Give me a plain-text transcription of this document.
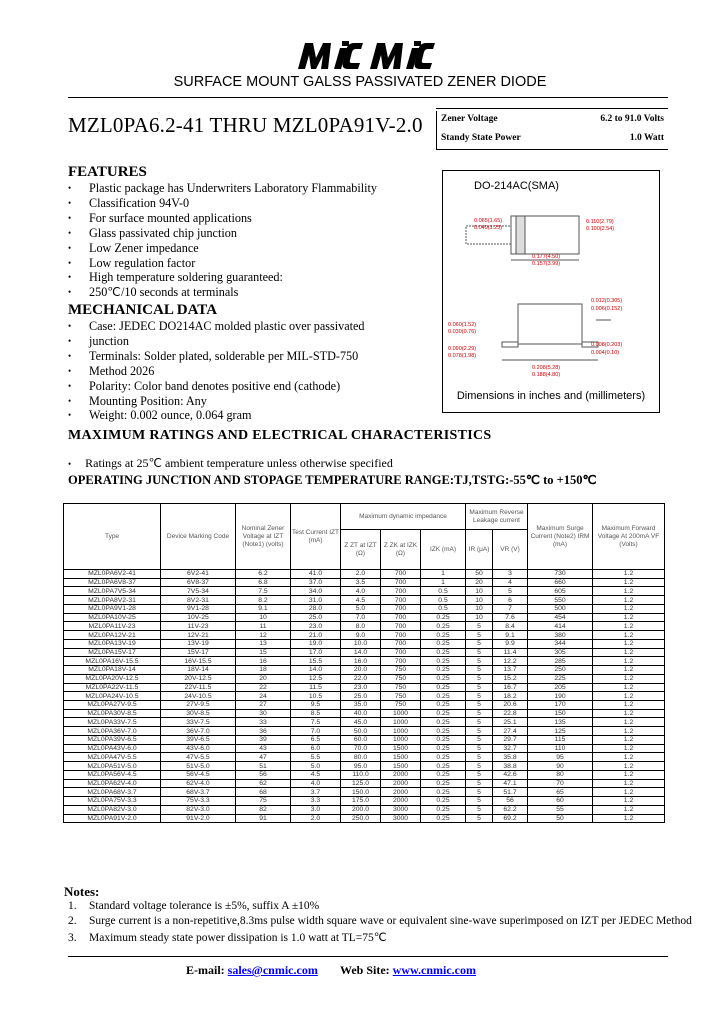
SURFACE MOUNT GALSS PASSIVATED ZENER DIODE
MZL0PA6.2-41 THRU MZL0PA91V-2.0 Zener Voltage	6.2 to 91.0 Volts
Standy State Power	1.0 Watt
FEATURES
• Plastic package has Underwriters Laboratory Flammability
• Classification 94V-0
• For surface mounted applications
• Glass passivated chip junction
• Low Zener impedance
• Low regulation factor
• High temperature soldering guaranteed:
• 250℃/10 seconds at terminals
MECHANICAL DATA
• Case: JEDEC DO214AC molded plastic over passivated
• junction
• Terminals: Solder plated, solderable per MIL-STD-750
• Method 2026
• Polarity: Color band denotes positive end (cathode)
• Mounting Position: Any
• Weight: 0.002 ounce, 0.064 gram
DO-214AC(SMA)
0.065(1.65)
0.049(1.25)
0.110(2.79)
0.100(2.54)
0.177(4.50)
0.157(3.99)
0.012(0.305)
0.006(0.152)
0.060(1.52)
0.030(0.76)
0.090(2.29)
0.078(1.98)
0.008(0.203)
0.004(0.10)
0.208(5.28)
0.188(4.80)
Dimensions in inches and (millimeters)
MAXIMUM RATINGS AND ELECTRICAL CHARACTERISTICS
• Ratings at 25℃ ambient temperature unless otherwise specified
OPERATING JUNCTION AND STOPAGE TEMPERATURE RANGE:TJ,TSTG:-55℃ to +150℃
Type	Device Marking Code	Nominal Zener Voltage at IZT (Note1) (volts)	Test Current IZT (mA)	Maximum dynamic impedance			Maximum Reverse Leakage current		Maximum Surge Current (Note2) IRM (mA)	Maximum Forward Voltage At 200mA VF (Volts)
				Z ZT at IZT (Ω)	Z ZK at IZK (Ω)	IZK (mA)	IR (μA)	VR (V)		
MZL0PA6V2-41	6V2-41	6.2	41.0	2.0	700	1	50	3	730	1.2
MZL0PA6V8-37	6V8-37	6.8	37.0	3.5	700	1	20	4	660	1.2
MZL0PA7V5-34	7V5-34	7.5	34.0	4.0	700	0.5	10	5	605	1.2
MZL0PA8V2-31	8V2-31	8.2	31.0	4.5	700	0.5	10	6	550	1.2
MZL0PA9V1-28	9V1-28	9.1	28.0	5.0	700	0.5	10	7	500	1.2
MZL0PA10V-25	10V-25	10	25.0	7.0	700	0.25	10	7.6	454	1.2
MZL0PA11V-23	11V-23	11	23.0	8.0	700	0.25	5	8.4	414	1.2
MZL0PA12V-21	12V-21	12	21.0	9.0	700	0.25	5	9.1	380	1.2
MZL0PA13V-19	13V-19	13	19.0	10.0	700	0.25	5	9.9	344	1.2
MZL0PA15V-17	15V-17	15	17.0	14.0	700	0.25	5	11.4	305	1.2
MZL0PA16V-15.5	16V-15.5	16	15.5	16.0	700	0.25	5	12.2	285	1.2
MZL0PA18V-14	18V-14	18	14.0	20.0	750	0.25	5	13.7	250	1.2
MZL0PA20V-12.5	20V-12.5	20	12.5	22.0	750	0.25	5	15.2	225	1.2
MZL0PA22V-11.5	22V-11.5	22	11.5	23.0	750	0.25	5	16.7	205	1.2
MZL0PA24V-10.5	24V-10.5	24	10.5	25.0	750	0.25	5	18.2	190	1.2
MZL0PA27V-9.5	27V-9.5	27	9.5	35.0	750	0.25	5	20.6	170	1.2
MZL0PA30V-8.5	30V-8.5	30	8.5	40.0	1000	0.25	5	22.8	150	1.2
MZL0PA33V-7.5	33V-7.5	33	7.5	45.0	1000	0.25	5	25.1	135	1.2
MZL0PA36V-7.0	36V-7.0	36	7.0	50.0	1000	0.25	5	27.4	125	1.2
MZL0PA39V-6.5	39V-6.5	39	6.5	60.0	1000	0.25	5	29.7	115	1.2
MZL0PA43V-6.0	43V-6.0	43	6.0	70.0	1500	0.25	5	32.7	110	1.2
MZL0PA47V-5.5	47V-5.5	47	5.5	80.0	1500	0.25	5	35.8	95	1.2
MZL0PA51V-5.0	51V-5.0	51	5.0	95.0	1500	0.25	5	38.8	90	1.2
MZL0PA56V-4.5	56V-4.5	56	4.5	110.0	2000	0.25	5	42.6	80	1.2
MZL0PA62V-4.0	62V-4.0	62	4.0	125.0	2000	0.25	5	47.1	70	1.2
MZL0PA68V-3.7	68V-3.7	68	3.7	150.0	2000	0.25	5	51.7	65	1.2
MZL0PA75V-3.3	75V-3.3	75	3.3	175.0	2000	0.25	5	56	60	1.2
MZL0PA82V-3.0	82V-3.0	82	3.0	200.0	3000	0.25	5	62.2	55	1.2
MZL0PA91V-2.0	91V-2.0	91	2.0	250.0	3000	0.25	5	69.2	50	1.2
Notes:
1. Standard voltage tolerance is ±5%, suffix A ±10%
2. Surge current is a non-repetitive,8.3ms pulse width square wave or equivalent sine-wave superimposed on IZT per JEDEC Method
3. Maximum steady state power dissipation is 1.0 watt at TL=75℃
E-mail: sales@cnmic.com Web Site: www.cnmic.com
